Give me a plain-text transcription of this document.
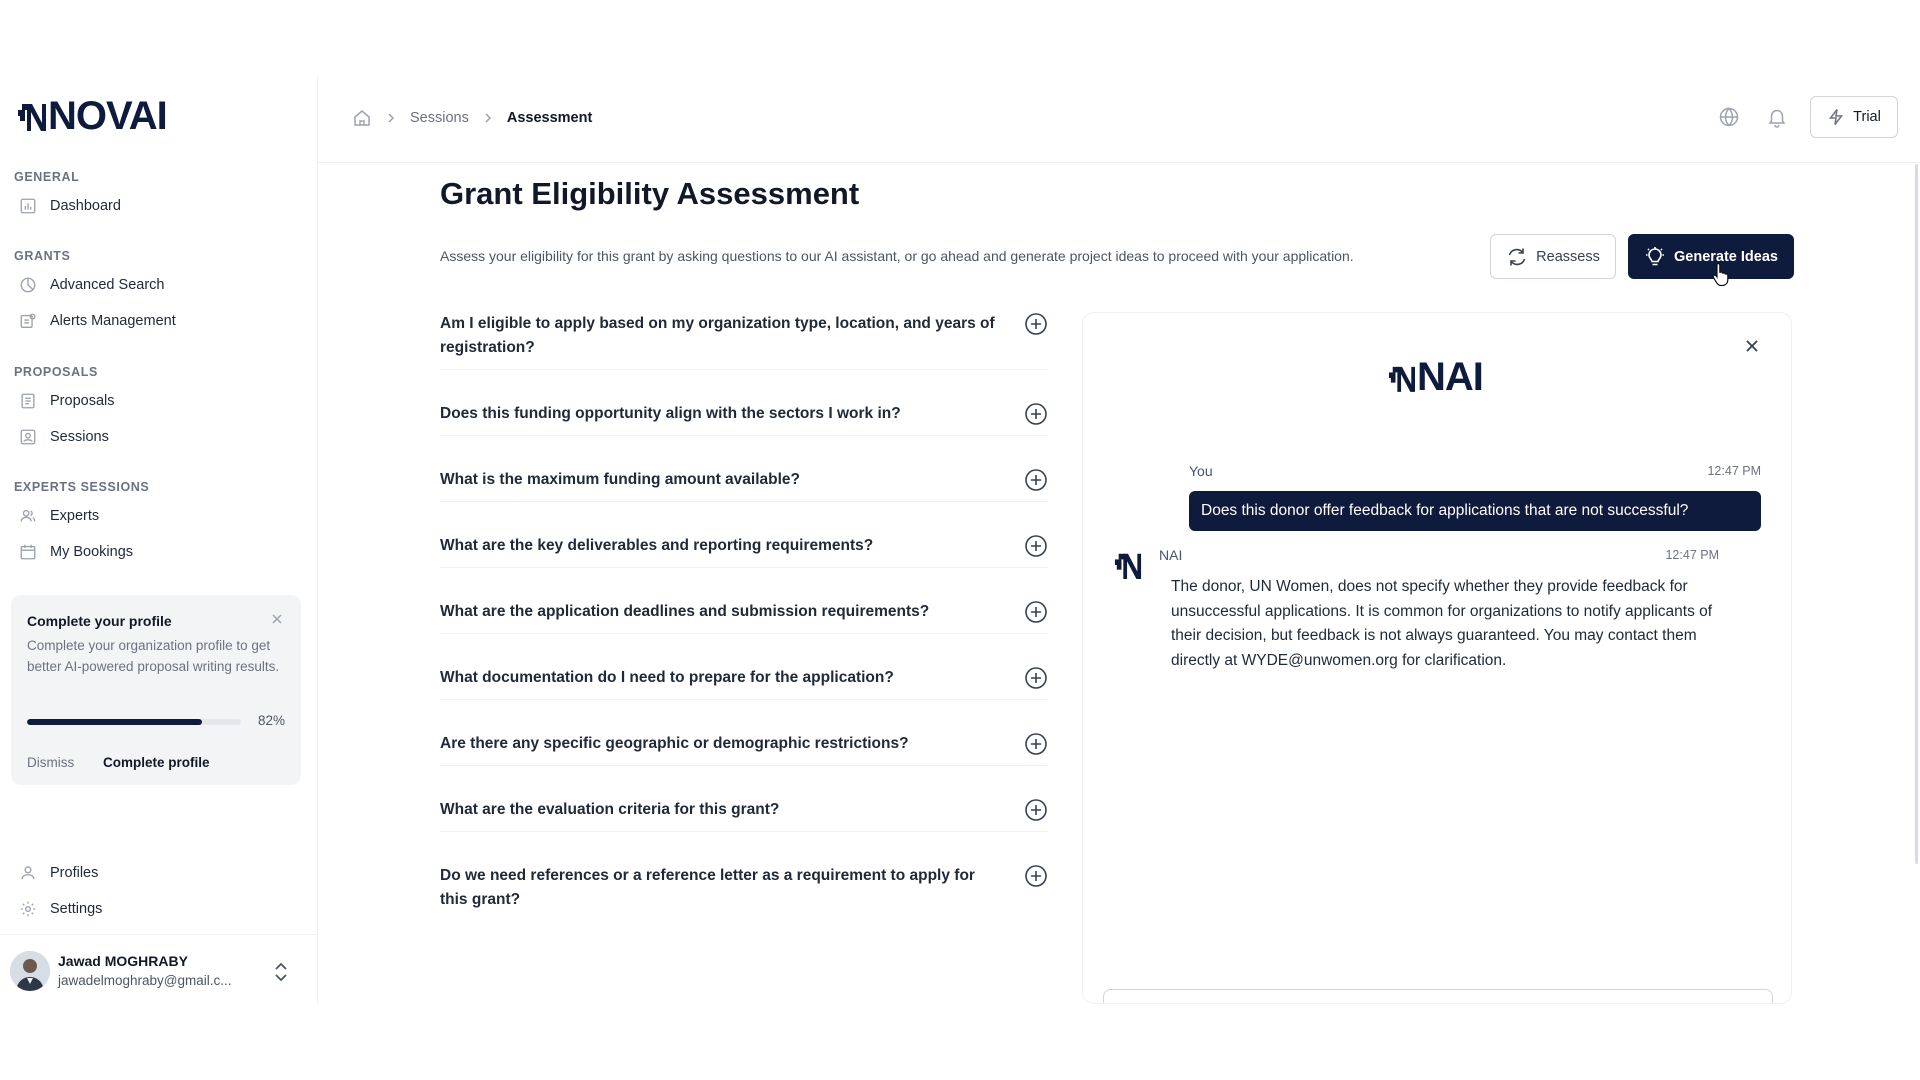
NOVAI
GENERAL
Dashboard
GRANTS
Advanced Search
Alerts Management
PROPOSALS
Proposals
Sessions
EXPERTS SESSIONS
Experts
My Bookings
Complete your profile
Complete your organization profile to get better AI-powered proposal writing results.
82%
Dismiss Complete profile
Profiles
Settings
Jawad MOGHRABY
jawadelmoghraby@gmail.c...
Sessions	Assessment	Trial
Grant Eligibility Assessment

Assess your eligibility for this grant by asking questions to our AI assistant, or go ahead and generate project ideas to proceed with your application.	Reassess	Generate Ideas
Am I eligible to apply based on my organization type, location, and years of registration?
Does this funding opportunity align with the sectors I work in?
What is the maximum funding amount available?
What are the key deliverables and reporting requirements?
What are the application deadlines and submission requirements?
What documentation do I need to prepare for the application?
Are there any specific geographic or demographic restrictions?
What are the evaluation criteria for this grant?
Do we need references or a reference letter as a requirement to apply for this grant?
NAI
You	12:47 PM
Does this donor offer feedback for applications that are not successful?
NAI	12:47 PM
The donor, UN Women, does not specify whether they provide feedback for unsuccessful applications. It is common for organizations to notify applicants of their decision, but feedback is not always guaranteed. You may contact them directly at WYDE@unwomen.org for clarification.
